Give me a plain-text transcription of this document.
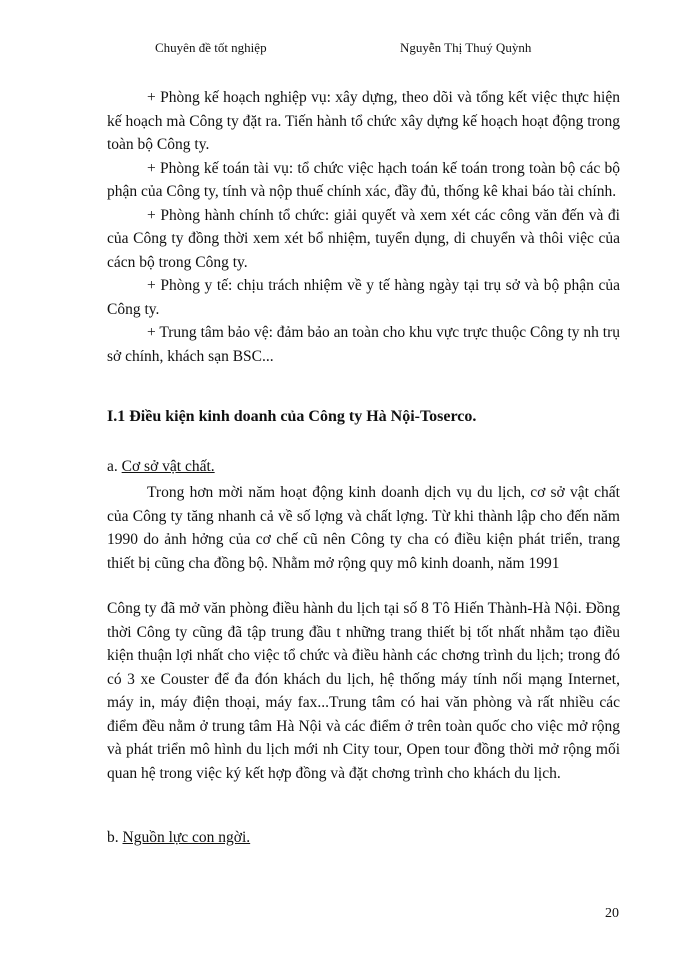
Chuyên đề tốt nghiệp	Nguyễn Thị Thuý Quỳnh

+ Phòng kế hoạch nghiệp vụ: xây dựng, theo dõi và tổng kết việc thực hiện kế hoạch mà Công ty đặt ra. Tiến hành tổ chức xây dựng kế hoạch hoạt động trong toàn bộ Công ty.

+ Phòng kế toán tài vụ: tổ chức việc hạch toán kế toán trong toàn bộ các bộ phận của Công ty, tính và nộp thuế chính xác, đầy đủ, thống kê khai báo tài chính.

+ Phòng hành chính tổ chức: giải quyết và xem xét các công văn đến và đi của Công ty đồng thời xem xét bổ nhiệm, tuyển dụng, di chuyển và thôi việc của cácn bộ trong Công ty.

+ Phòng y tế: chịu trách nhiệm về y tế hàng ngày tại trụ sở và bộ phận của Công ty.

+ Trung tâm bảo vệ: đảm bảo an toàn cho khu vực trực thuộc Công ty nh trụ sở chính, khách sạn BSC...

I.1 Điều kiện kinh doanh của Công ty Hà Nội-Toserco.
a. Cơ sở vật chất.

Trong hơn mời năm hoạt động kinh doanh dịch vụ du lịch, cơ sở vật chất của Công ty tăng nhanh cả về số lợng và chất lợng. Từ khi thành lập cho đến năm 1990 do ảnh hởng của cơ chế cũ nên Công ty cha có điều kiện phát triển, trang thiết bị cũng cha đồng bộ. Nhằm mở rộng quy mô kinh doanh, năm 1991

Công ty đã mở văn phòng điều hành du lịch tại số 8 Tô Hiến Thành-Hà Nội. Đồng thời Công ty cũng đã tập trung đầu t những trang thiết bị tốt nhất nhằm tạo điều kiện thuận lợi nhất cho việc tổ chức và điều hành các chơng trình du lịch; trong đó có 3 xe Couster để đa đón khách du lịch, hệ thống máy tính nối mạng Internet, máy in, máy điện thoại, máy fax...Trung tâm có hai văn phòng và rất nhiều các điểm đều nằm ở trung tâm Hà Nội và các điểm ở trên toàn quốc cho việc mở rộng và phát triển mô hình du lịch mới nh City tour, Open tour đồng thời mở rộng mối quan hệ trong việc ký kết hợp đồng và đặt chơng trình cho khách du lịch.

b. Nguồn lực con ngời.
20
